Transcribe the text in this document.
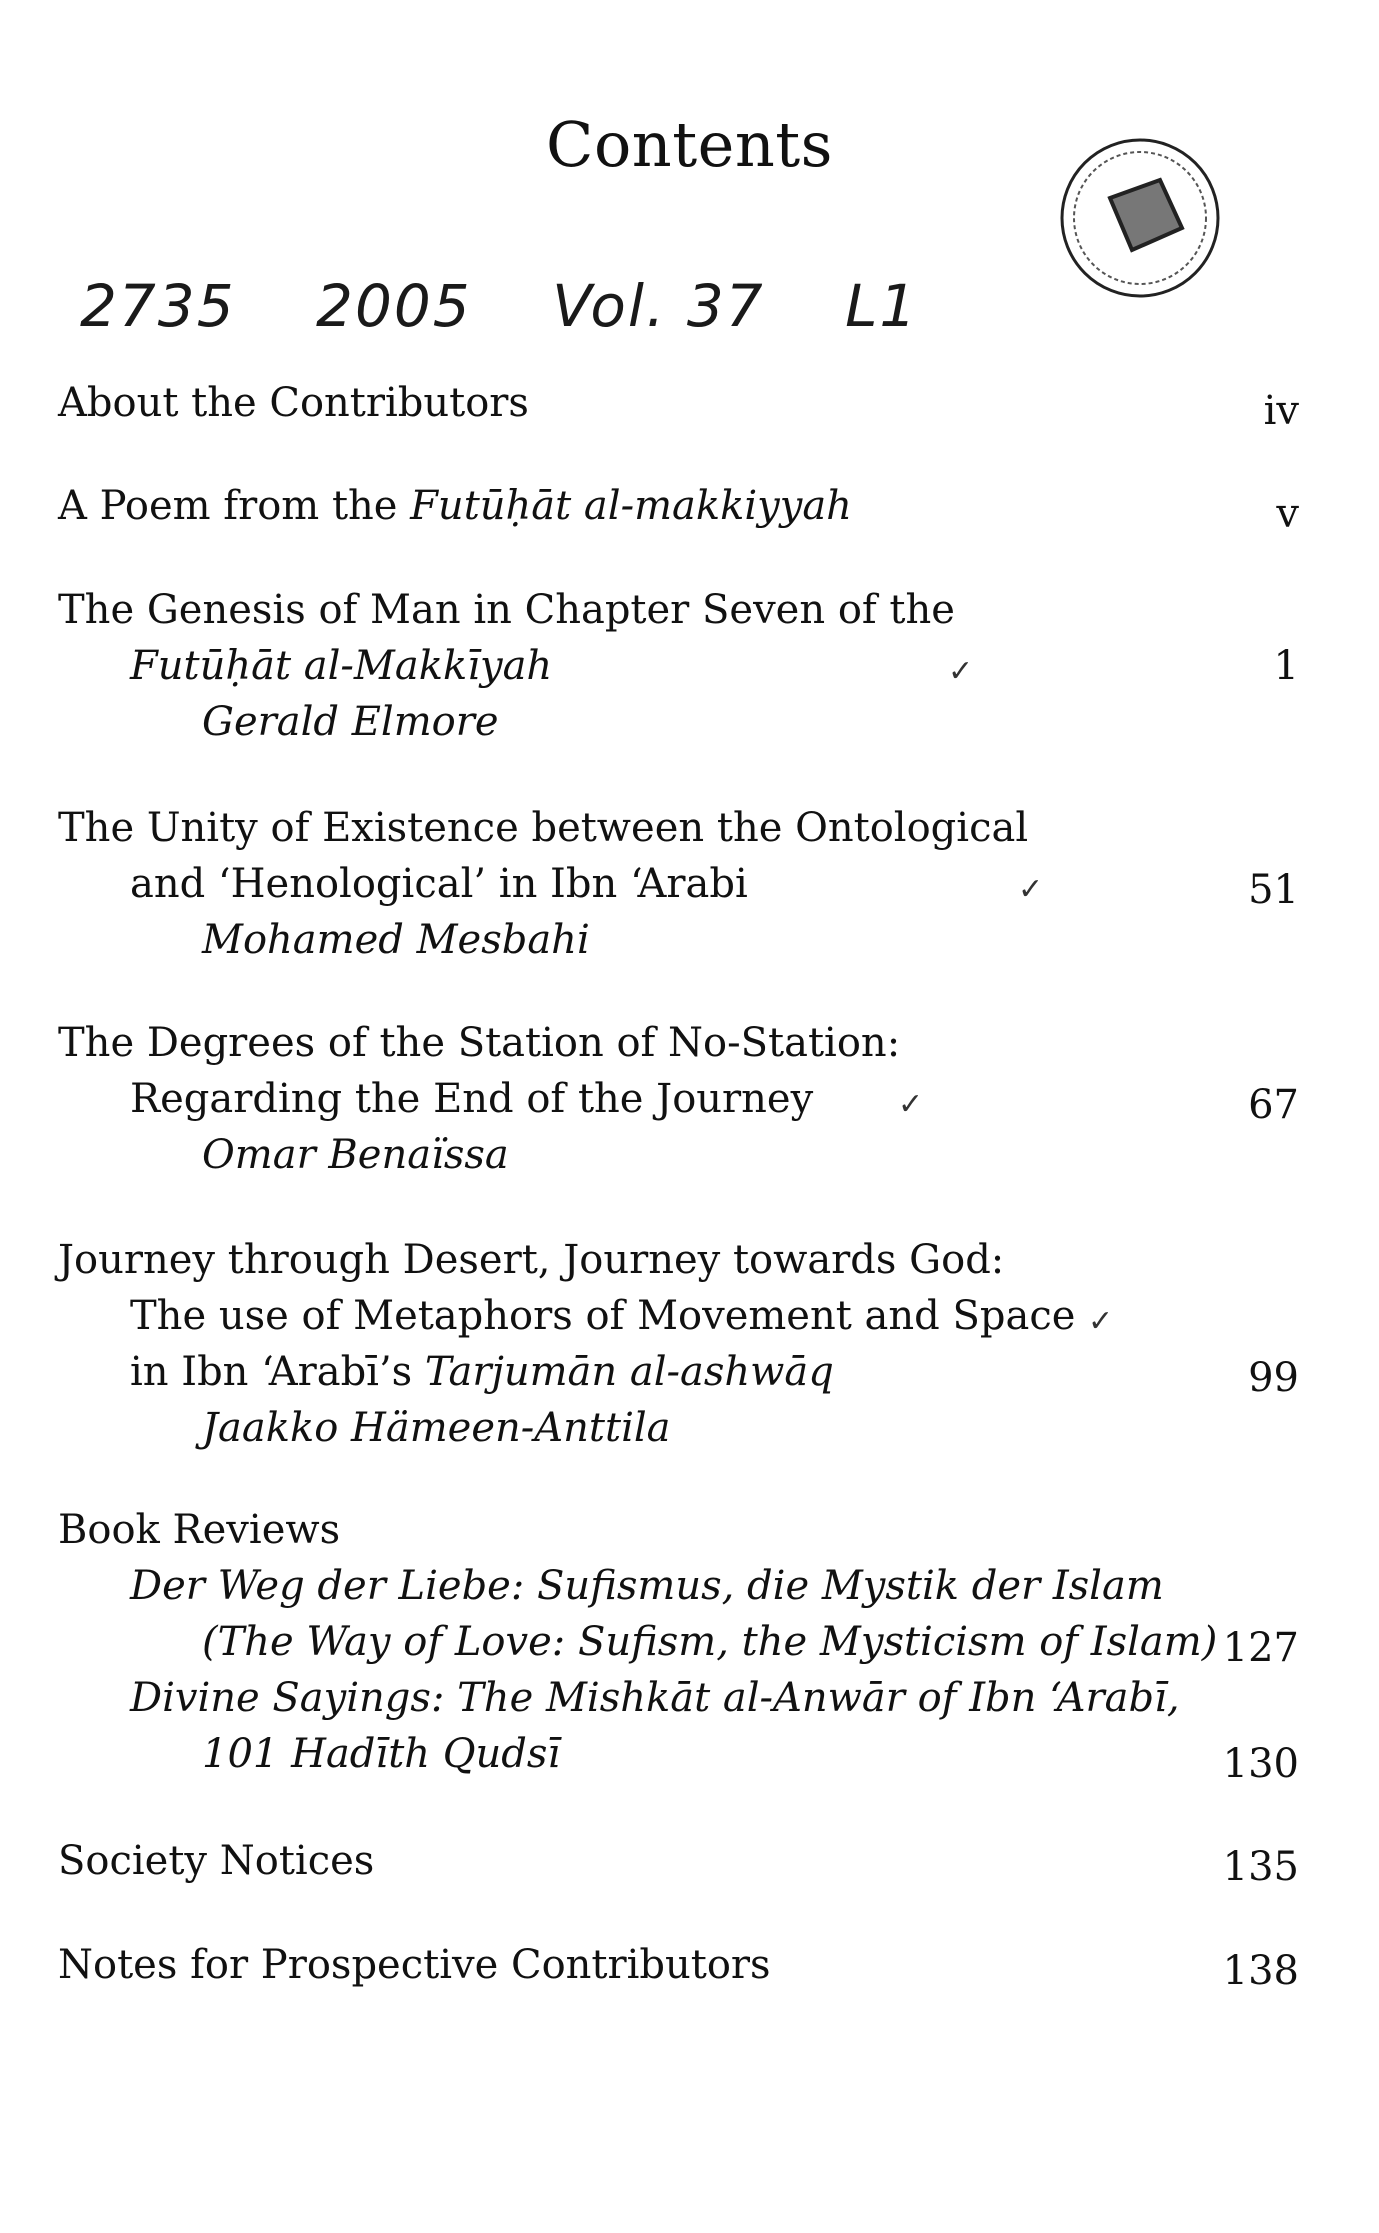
Contents
2735 2005 Vol. 37 L1
About the Contributors	iv
A Poem from the Futūḥāt al-makkiyyah	v
The Genesis of Man in Chapter Seven of the
Futūḥāt al-Makkīyah	✓	1
Gerald Elmore
The Unity of Existence between the Ontological
and ‘Henological’ in Ibn ‘Arabi	✓	51
Mohamed Mesbahi
The Degrees of the Station of No-Station:
Regarding the End of the Journey	✓	67
Omar Benaïssa
Journey through Desert, Journey towards God:
The use of Metaphors of Movement and Space ✓
in Ibn ‘Arabī’s Tarjumān al-ashwāq	99
Jaakko Hämeen-Anttila
Book Reviews
Der Weg der Liebe: Sufismus, die Mystik der Islam
(The Way of Love: Sufism, the Mysticism of Islam) 127
Divine Sayings: The Mishkāt al-Anwār of Ibn ‘Arabī,
101 Hadīth Qudsī	130
Society Notices	135
Notes for Prospective Contributors	138
